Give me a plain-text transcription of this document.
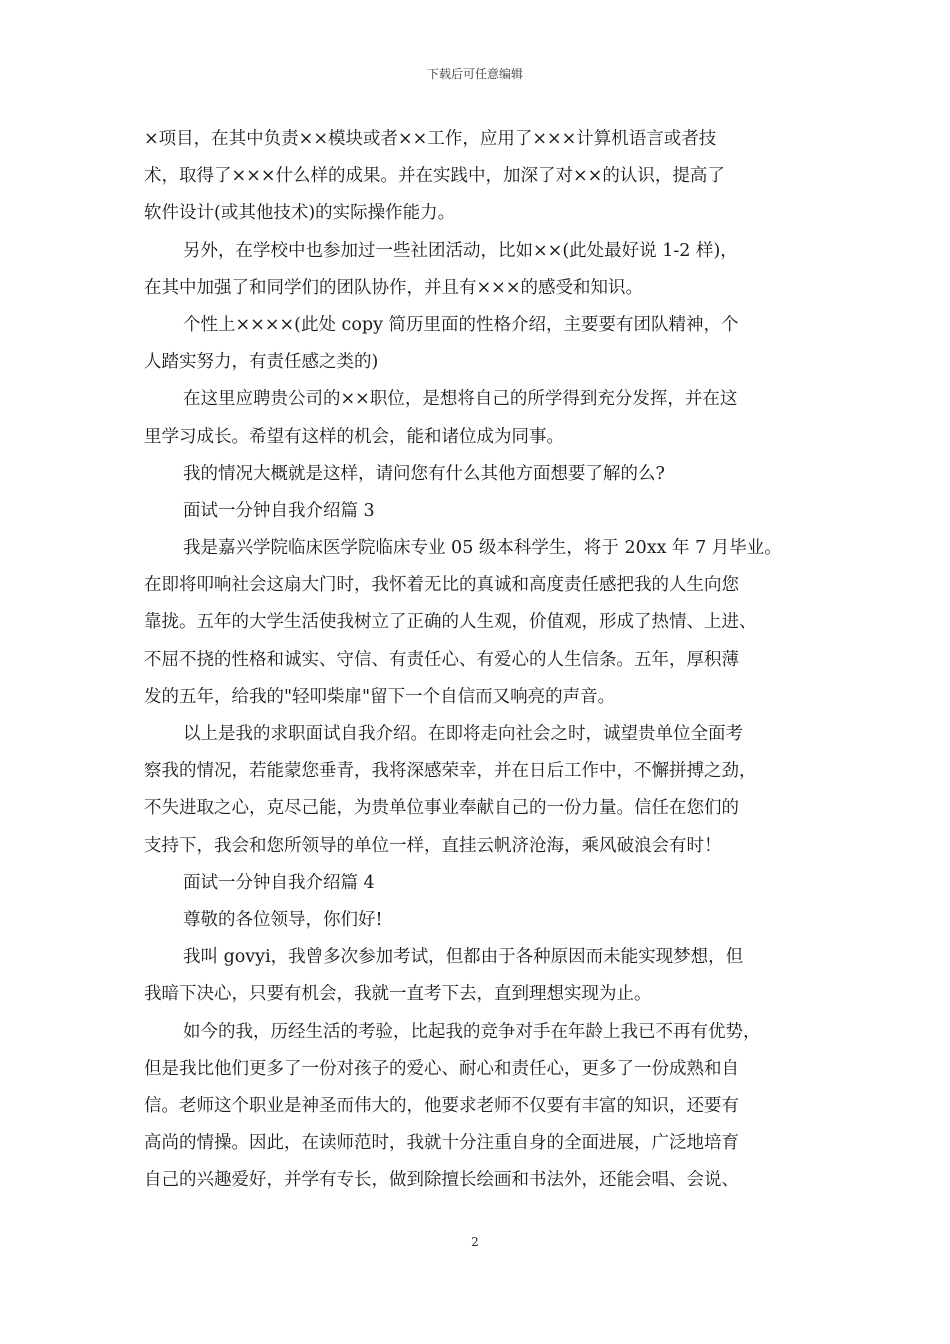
下载后可任意编辑
×项目，在其中负责××模块或者××工作，应用了×××计算机语言或者技
术，取得了×××什么样的成果。并在实践中，加深了对××的认识，提高了
软件设计(或其他技术)的实际操作能力。
另外，在学校中也参加过一些社团活动，比如××(此处最好说 1-2 样)，
在其中加强了和同学们的团队协作，并且有×××的感受和知识。
个性上××××(此处 copy 简历里面的性格介绍，主要要有团队精神，个
人踏实努力，有责任感之类的)
在这里应聘贵公司的××职位，是想将自己的所学得到充分发挥，并在这
里学习成长。希望有这样的机会，能和诸位成为同事。
我的情况大概就是这样，请问您有什么其他方面想要了解的么?
面试一分钟自我介绍篇 3
我是嘉兴学院临床医学院临床专业 05 级本科学生，将于 20xx 年 7 月毕业。
在即将叩响社会这扇大门时，我怀着无比的真诚和高度责任感把我的人生向您
靠拢。五年的大学生活使我树立了正确的人生观，价值观，形成了热情、上进、
不屈不挠的性格和诚实、守信、有责任心、有爱心的人生信条。五年，厚积薄
发的五年，给我的"轻叩柴扉"留下一个自信而又响亮的声音。
以上是我的求职面试自我介绍。在即将走向社会之时，诚望贵单位全面考
察我的情况，若能蒙您垂青，我将深感荣幸，并在日后工作中，不懈拼搏之劲，
不失进取之心，克尽己能，为贵单位事业奉献自己的一份力量。信任在您们的
支持下，我会和您所领导的单位一样，直挂云帆济沧海，乘风破浪会有时！
面试一分钟自我介绍篇 4
尊敬的各位领导，你们好!
我叫 govyi，我曾多次参加考试，但都由于各种原因而未能实现梦想，但
我暗下决心，只要有机会，我就一直考下去，直到理想实现为止。
如今的我，历经生活的考验，比起我的竞争对手在年龄上我已不再有优势，
但是我比他们更多了一份对孩子的爱心、耐心和责任心，更多了一份成熟和自
信。老师这个职业是神圣而伟大的，他要求老师不仅要有丰富的知识，还要有
高尚的情操。因此，在读师范时，我就十分注重自身的全面进展，广泛地培育
自己的兴趣爱好，并学有专长，做到除擅长绘画和书法外，还能会唱、会说、
2
